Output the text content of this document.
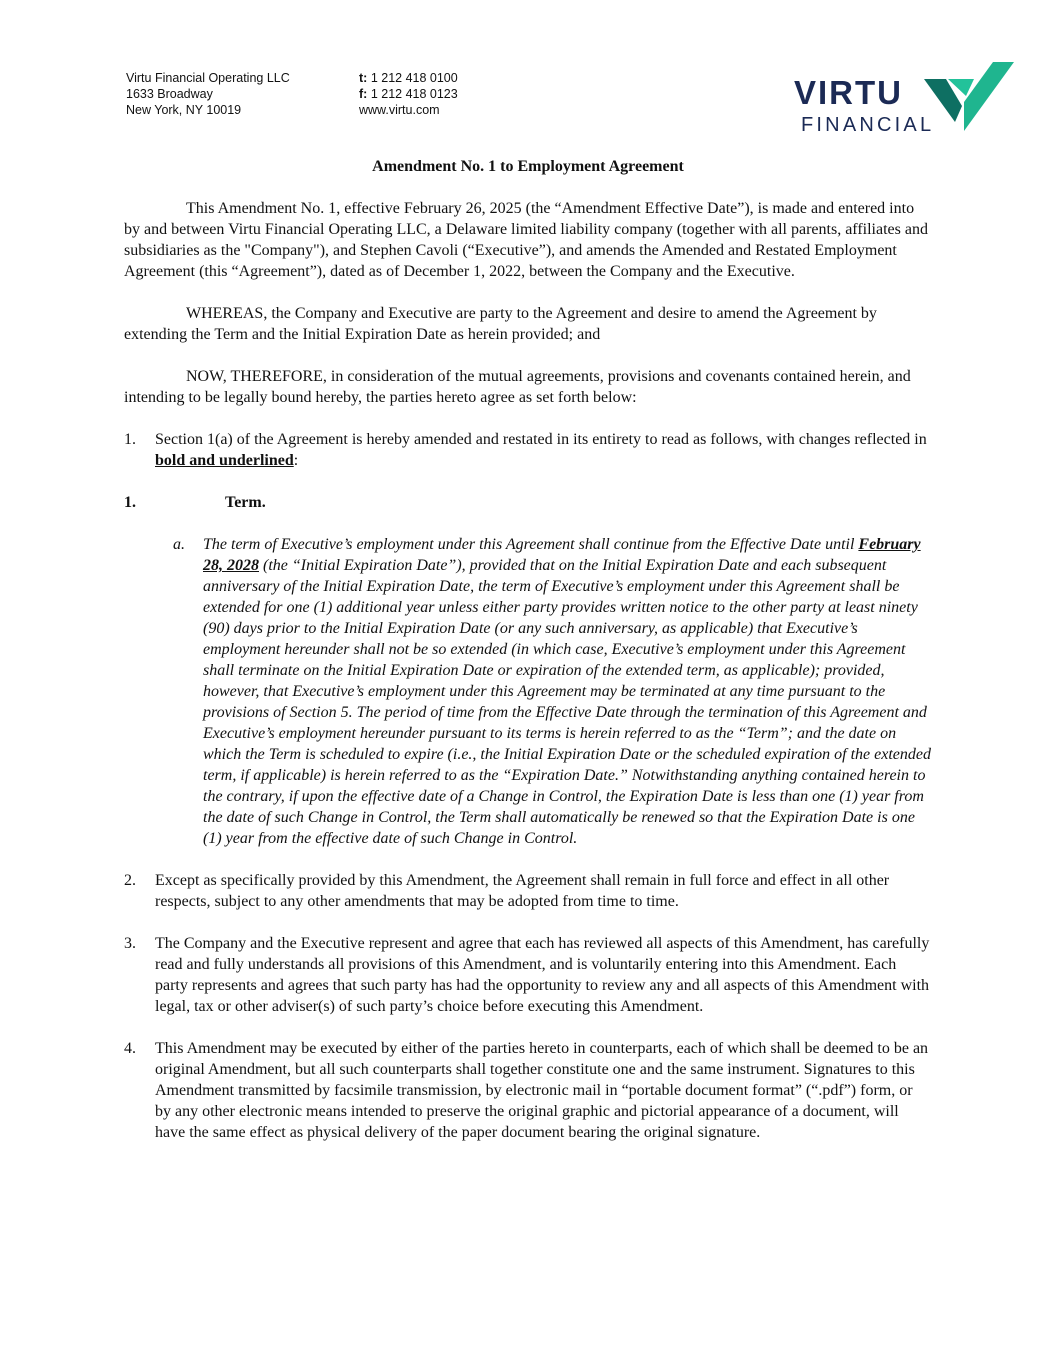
Virtu Financial Operating LLC
1633 Broadway
New York, NY 10019
t: 1 212 418 0100
f: 1 212 418 0123
www.virtu.com	VIRTU
FINANCIAL
Amendment No. 1 to Employment Agreement

This Amendment No. 1, effective February 26, 2025 (the “Amendment Effective Date”), is made and entered into by and between Virtu Financial Operating LLC, a Delaware limited liability company (together with all parents, affiliates and subsidiaries as the "Company"), and Stephen Cavoli (“Executive”), and amends the Amended and Restated Employment Agreement (this “Agreement”), dated as of December 1, 2022, between the Company and the Executive.

WHEREAS, the Company and Executive are party to the Agreement and desire to amend the Agreement by extending the Term and the Initial Expiration Date as herein provided; and

NOW, THEREFORE, in consideration of the mutual agreements, provisions and covenants contained herein, and intending to be legally bound hereby, the parties hereto agree as set forth below:

1. Section 1(a) of the Agreement is hereby amended and restated in its entirety to read as follows, with changes reflected in bold and underlined:
1.	Term.
a. The term of Executive’s employment under this Agreement shall continue from the Effective Date until February 28, 2028 (the “Initial Expiration Date”), provided that on the Initial Expiration Date and each subsequent anniversary of the Initial Expiration Date, the term of Executive’s employment under this Agreement shall be extended for one (1) additional year unless either party provides written notice to the other party at least ninety (90) days prior to the Initial Expiration Date (or any such anniversary, as applicable) that Executive’s employment hereunder shall not be so extended (in which case, Executive’s employment under this Agreement shall terminate on the Initial Expiration Date or expiration of the extended term, as applicable); provided, however, that Executive’s employment under this Agreement may be terminated at any time pursuant to the provisions of Section 5. The period of time from the Effective Date through the termination of this Agreement and Executive’s employment hereunder pursuant to its terms is herein referred to as the “Term”; and the date on which the Term is scheduled to expire (i.e., the Initial Expiration Date or the scheduled expiration of the extended term, if applicable) is herein referred to as the “Expiration Date.” Notwithstanding anything contained herein to the contrary, if upon the effective date of a Change in Control, the Expiration Date is less than one (1) year from the date of such Change in Control, the Term shall automatically be renewed so that the Expiration Date is one (1) year from the effective date of such Change in Control.
2. Except as specifically provided by this Amendment, the Agreement shall remain in full force and effect in all other respects, subject to any other amendments that may be adopted from time to time.
3. The Company and the Executive represent and agree that each has reviewed all aspects of this Amendment, has carefully read and fully understands all provisions of this Amendment, and is voluntarily entering into this Amendment. Each party represents and agrees that such party has had the opportunity to review any and all aspects of this Amendment with legal, tax or other adviser(s) of such party’s choice before executing this Amendment.
4. This Amendment may be executed by either of the parties hereto in counterparts, each of which shall be deemed to be an original Amendment, but all such counterparts shall together constitute one and the same instrument. Signatures to this Amendment transmitted by facsimile transmission, by electronic mail in “portable document format” (“.pdf”) form, or by any other electronic means intended to preserve the original graphic and pictorial appearance of a document, will have the same effect as physical delivery of the paper document bearing the original signature.
